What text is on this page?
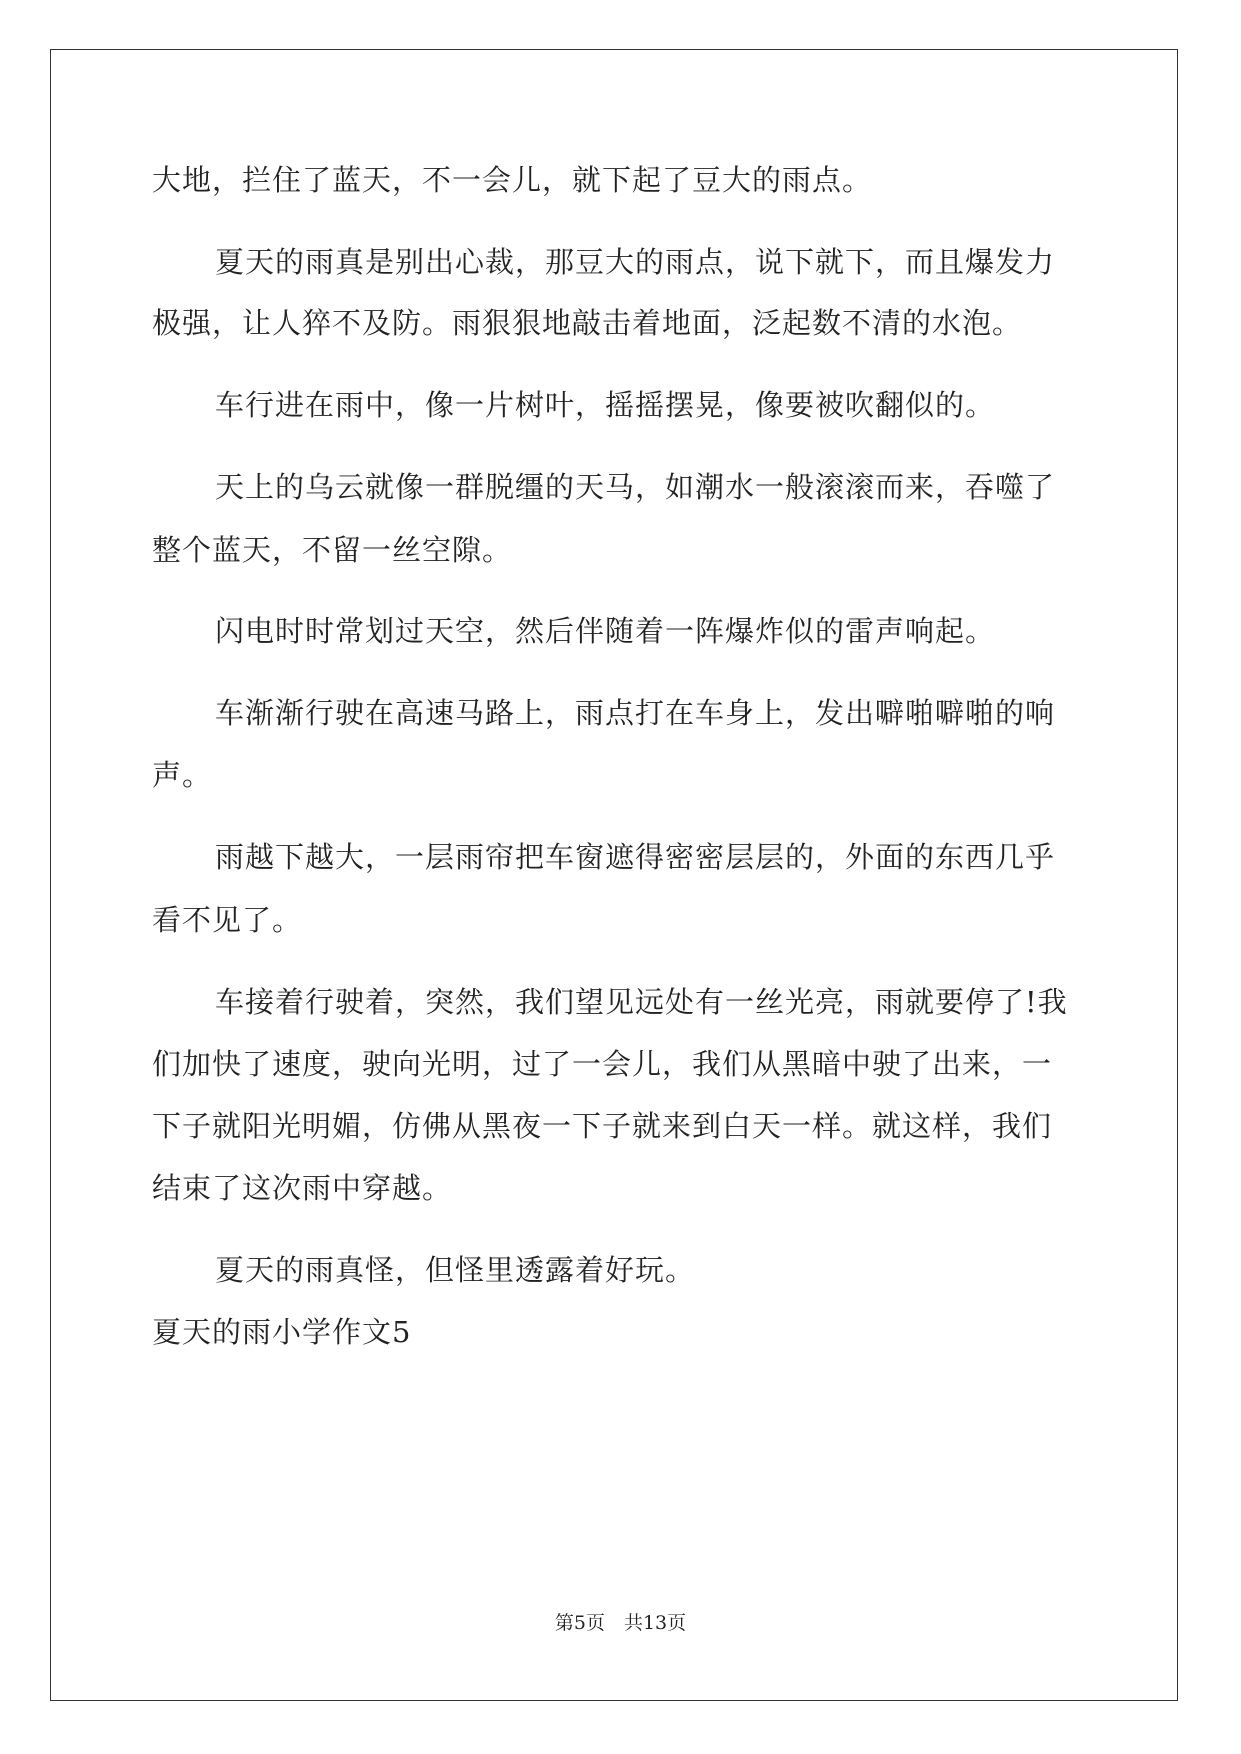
大地，拦住了蓝天，不一会儿，就下起了豆大的雨点。
夏天的雨真是别出心裁，那豆大的雨点，说下就下，而且爆发力
极强，让人猝不及防。雨狠狠地敲击着地面，泛起数不清的水泡。
车行进在雨中，像一片树叶，摇摇摆晃，像要被吹翻似的。
天上的乌云就像一群脱缰的天马，如潮水一般滚滚而来，吞噬了
整个蓝天，不留一丝空隙。
闪电时时常划过天空，然后伴随着一阵爆炸似的雷声响起。
车渐渐行驶在高速马路上，雨点打在车身上，发出噼啪噼啪的响
声。
雨越下越大，一层雨帘把车窗遮得密密层层的，外面的东西几乎
看不见了。
车接着行驶着，突然，我们望见远处有一丝光亮，雨就要停了!我
们加快了速度，驶向光明，过了一会儿，我们从黑暗中驶了出来，一
下子就阳光明媚，仿佛从黑夜一下子就来到白天一样。就这样，我们
结束了这次雨中穿越。
夏天的雨真怪，但怪里透露着好玩。
夏天的雨小学作文5
第5页　共13页
